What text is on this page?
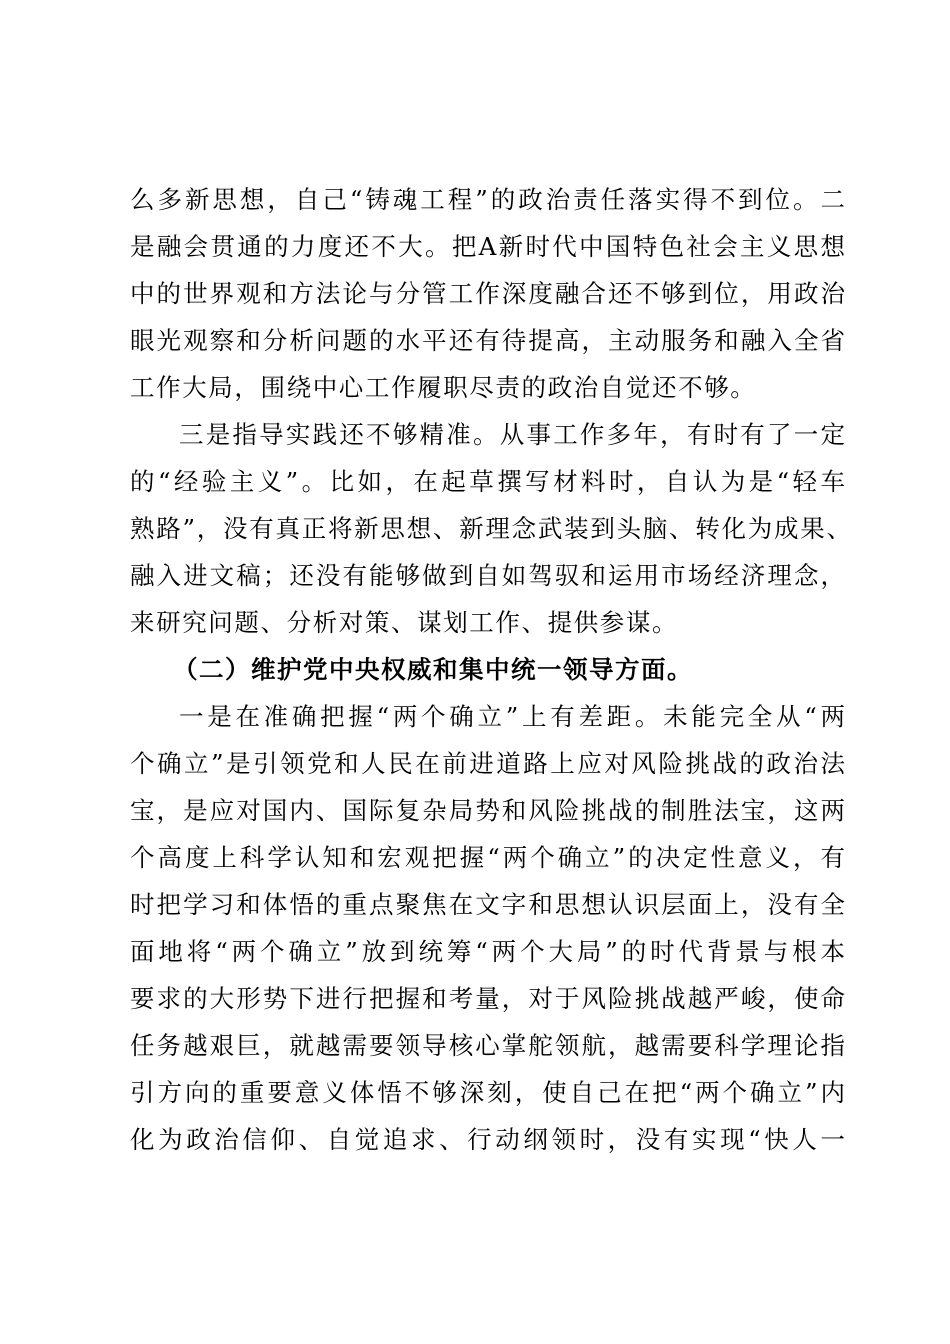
么多新思想，自己“铸魂工程”的政治责任落实得不到位。二
是融会贯通的力度还不大。把A新时代中国特色社会主义思想
中的世界观和方法论与分管工作深度融合还不够到位，用政治
眼光观察和分析问题的水平还有待提高，主动服务和融入全省
工作大局，围绕中心工作履职尽责的政治自觉还不够。
三是指导实践还不够精准。从事工作多年，有时有了一定
的“经验主义”。比如，在起草撰写材料时，自认为是“轻车
熟路”，没有真正将新思想、新理念武装到头脑、转化为成果、
融入进文稿；还没有能够做到自如驾驭和运用市场经济理念，
来研究问题、分析对策、谋划工作、提供参谋。
（二）维护党中央权威和集中统一领导方面。
一是在准确把握“两个确立”上有差距。未能完全从“两
个确立”是引领党和人民在前进道路上应对风险挑战的政治法
宝，是应对国内、国际复杂局势和风险挑战的制胜法宝，这两
个高度上科学认知和宏观把握“两个确立”的决定性意义，有
时把学习和体悟的重点聚焦在文字和思想认识层面上，没有全
面地将“两个确立”放到统筹“两个大局”的时代背景与根本
要求的大形势下进行把握和考量，对于风险挑战越严峻，使命
任务越艰巨，就越需要领导核心掌舵领航，越需要科学理论指
引方向的重要意义体悟不够深刻，使自己在把“两个确立”内
化为政治信仰、自觉追求、行动纲领时，没有实现“快人一
